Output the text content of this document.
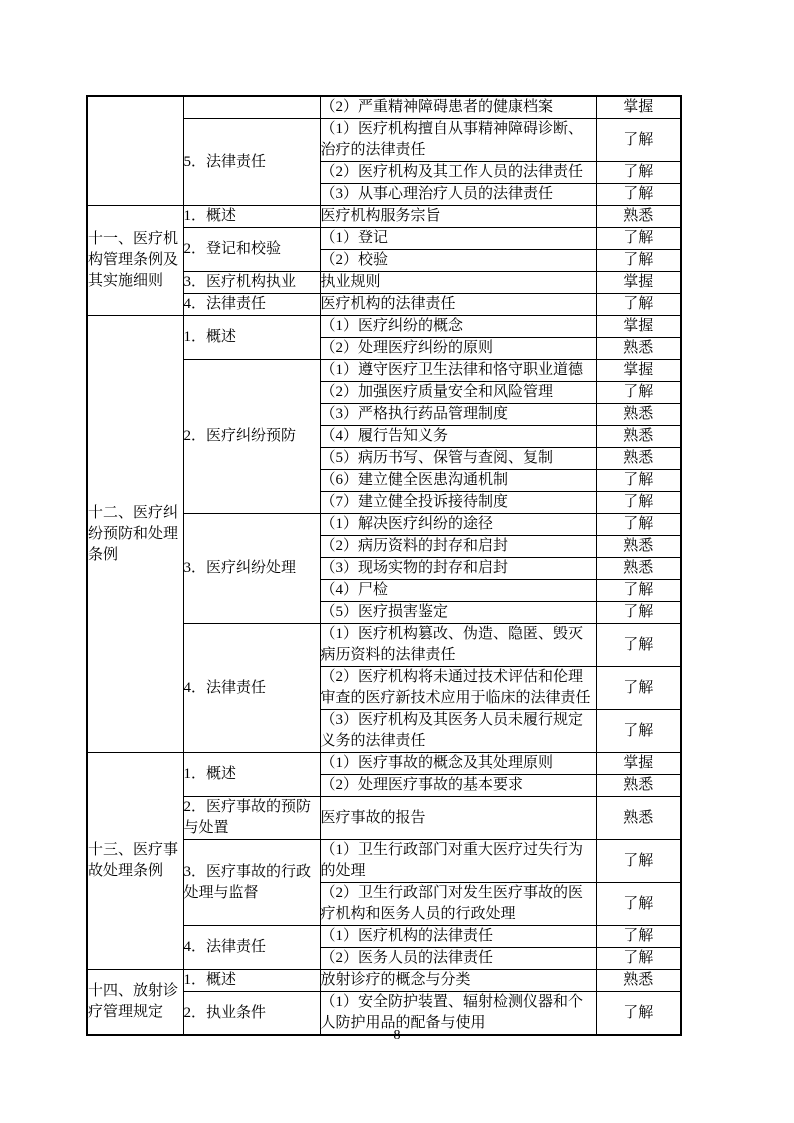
		（2）严重精神障碍患者的健康档案	掌握
	5．法律责任	（1）医疗机构擅自从事精神障碍诊断、治疗的法律责任	了解
		（2）医疗机构及其工作人员的法律责任	了解
		（3）从事心理治疗人员的法律责任	了解
十一、医疗机构管理条例及其实施细则	1．概述	医疗机构服务宗旨	熟悉
	2．登记和校验	（1）登记	了解
		（2）校验	了解
	3．医疗机构执业	执业规则	掌握
	4．法律责任	医疗机构的法律责任	了解
十二、医疗纠纷预防和处理条例	1．概述	（1）医疗纠纷的概念	掌握
		（2）处理医疗纠纷的原则	熟悉
	2．医疗纠纷预防	（1）遵守医疗卫生法律和恪守职业道德	掌握
		（2）加强医疗质量安全和风险管理	了解
		（3）严格执行药品管理制度	熟悉
		（4）履行告知义务	熟悉
		（5）病历书写、保管与查阅、复制	熟悉
		（6）建立健全医患沟通机制	了解
		（7）建立健全投诉接待制度	了解
	3．医疗纠纷处理	（1）解决医疗纠纷的途径	了解
		（2）病历资料的封存和启封	熟悉
		（3）现场实物的封存和启封	熟悉
		（4）尸检	了解
		（5）医疗损害鉴定	了解
	4．法律责任	（1）医疗机构篡改、伪造、隐匿、毁灭病历资料的法律责任	了解
		（2）医疗机构将未通过技术评估和伦理审查的医疗新技术应用于临床的法律责任	了解
		（3）医疗机构及其医务人员未履行规定义务的法律责任	了解
十三、医疗事故处理条例	1．概述	（1）医疗事故的概念及其处理原则	掌握
		（2）处理医疗事故的基本要求	熟悉
	2．医疗事故的预防与处置	医疗事故的报告	熟悉
	3．医疗事故的行政处理与监督	（1）卫生行政部门对重大医疗过失行为的处理	了解
		（2）卫生行政部门对发生医疗事故的医疗机构和医务人员的行政处理	了解
	4．法律责任	（1）医疗机构的法律责任	了解
		（2）医务人员的法律责任	了解
十四、放射诊疗管理规定	1．概述	放射诊疗的概念与分类	熟悉
	2．执业条件	（1）安全防护装置、辐射检测仪器和个人防护用品的配备与使用	了解
8
